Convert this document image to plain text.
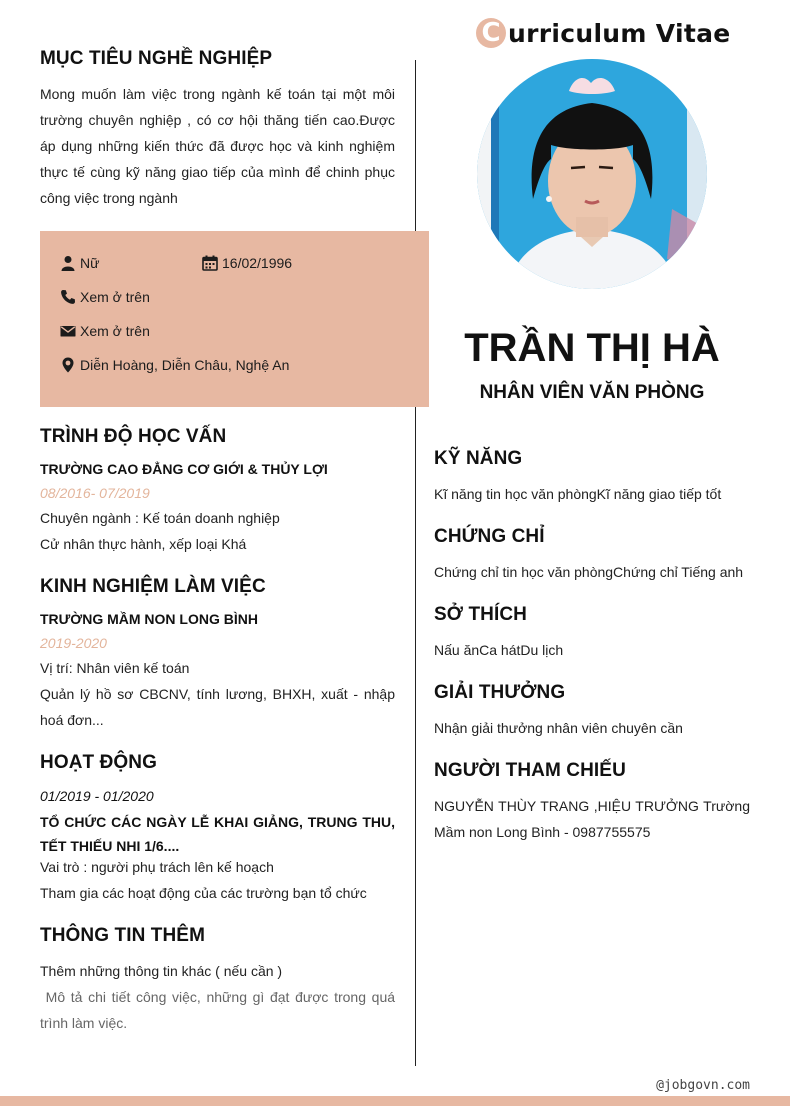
C urriculum Vitae
MỤC TIÊU NGHỀ NGHIỆP
Mong muốn làm việc trong ngành kế toán tại một môi trường chuyên nghiệp , có cơ hội thăng tiến cao.Được áp dụng những kiến thức đã được học và kinh nghiệm thực tế cùng kỹ năng giao tiếp của mình để chinh phục công việc trong ngành
Nữ	16/02/1996
Xem ở trên
Xem ở trên
Diễn Hoàng, Diễn Châu, Nghệ An
TRÌNH ĐỘ HỌC VẤN
TRƯỜNG CAO ĐẲNG CƠ GIỚI & THỦY LỢI
08/2016- 07/2019
Chuyên ngành : Kế toán doanh nghiệp
Cử nhân thực hành, xếp loại Khá
KINH NGHIỆM LÀM VIỆC
TRƯỜNG MẦM NON LONG BÌNH
2019-2020
Vị trí: Nhân viên kế toán
Quản lý hồ sơ CBCNV, tính lương, BHXH, xuất - nhập hoá đơn...
HOẠT ĐỘNG
01/2019 - 01/2020
TỔ CHỨC CÁC NGÀY LỄ KHAI GIẢNG, TRUNG THU, TẾT THIẾU NHI 1/6....
Vai trò : người phụ trách lên kế hoạch
Tham gia các hoạt động của các trường bạn tổ chức
THÔNG TIN THÊM
Thêm những thông tin khác ( nếu cần )
Mô tả chi tiết công việc, những gì đạt được trong quá trình làm việc.
TRẦN THỊ HÀ
NHÂN VIÊN VĂN PHÒNG
KỸ NĂNG
Kĩ năng tin học văn phòngKĩ năng giao tiếp tốt
CHỨNG CHỈ
Chứng chỉ tin học văn phòngChứng chỉ Tiếng anh
SỞ THÍCH
Nấu ănCa hátDu lịch
GIẢI THƯỞNG
Nhận giải thưởng nhân viên chuyên cần
NGƯỜI THAM CHIẾU
NGUYỄN THÙY TRANG ,HIỆU TRƯỞNG Trường Mầm non Long Bình - 0987755575
@jobgovn.com
